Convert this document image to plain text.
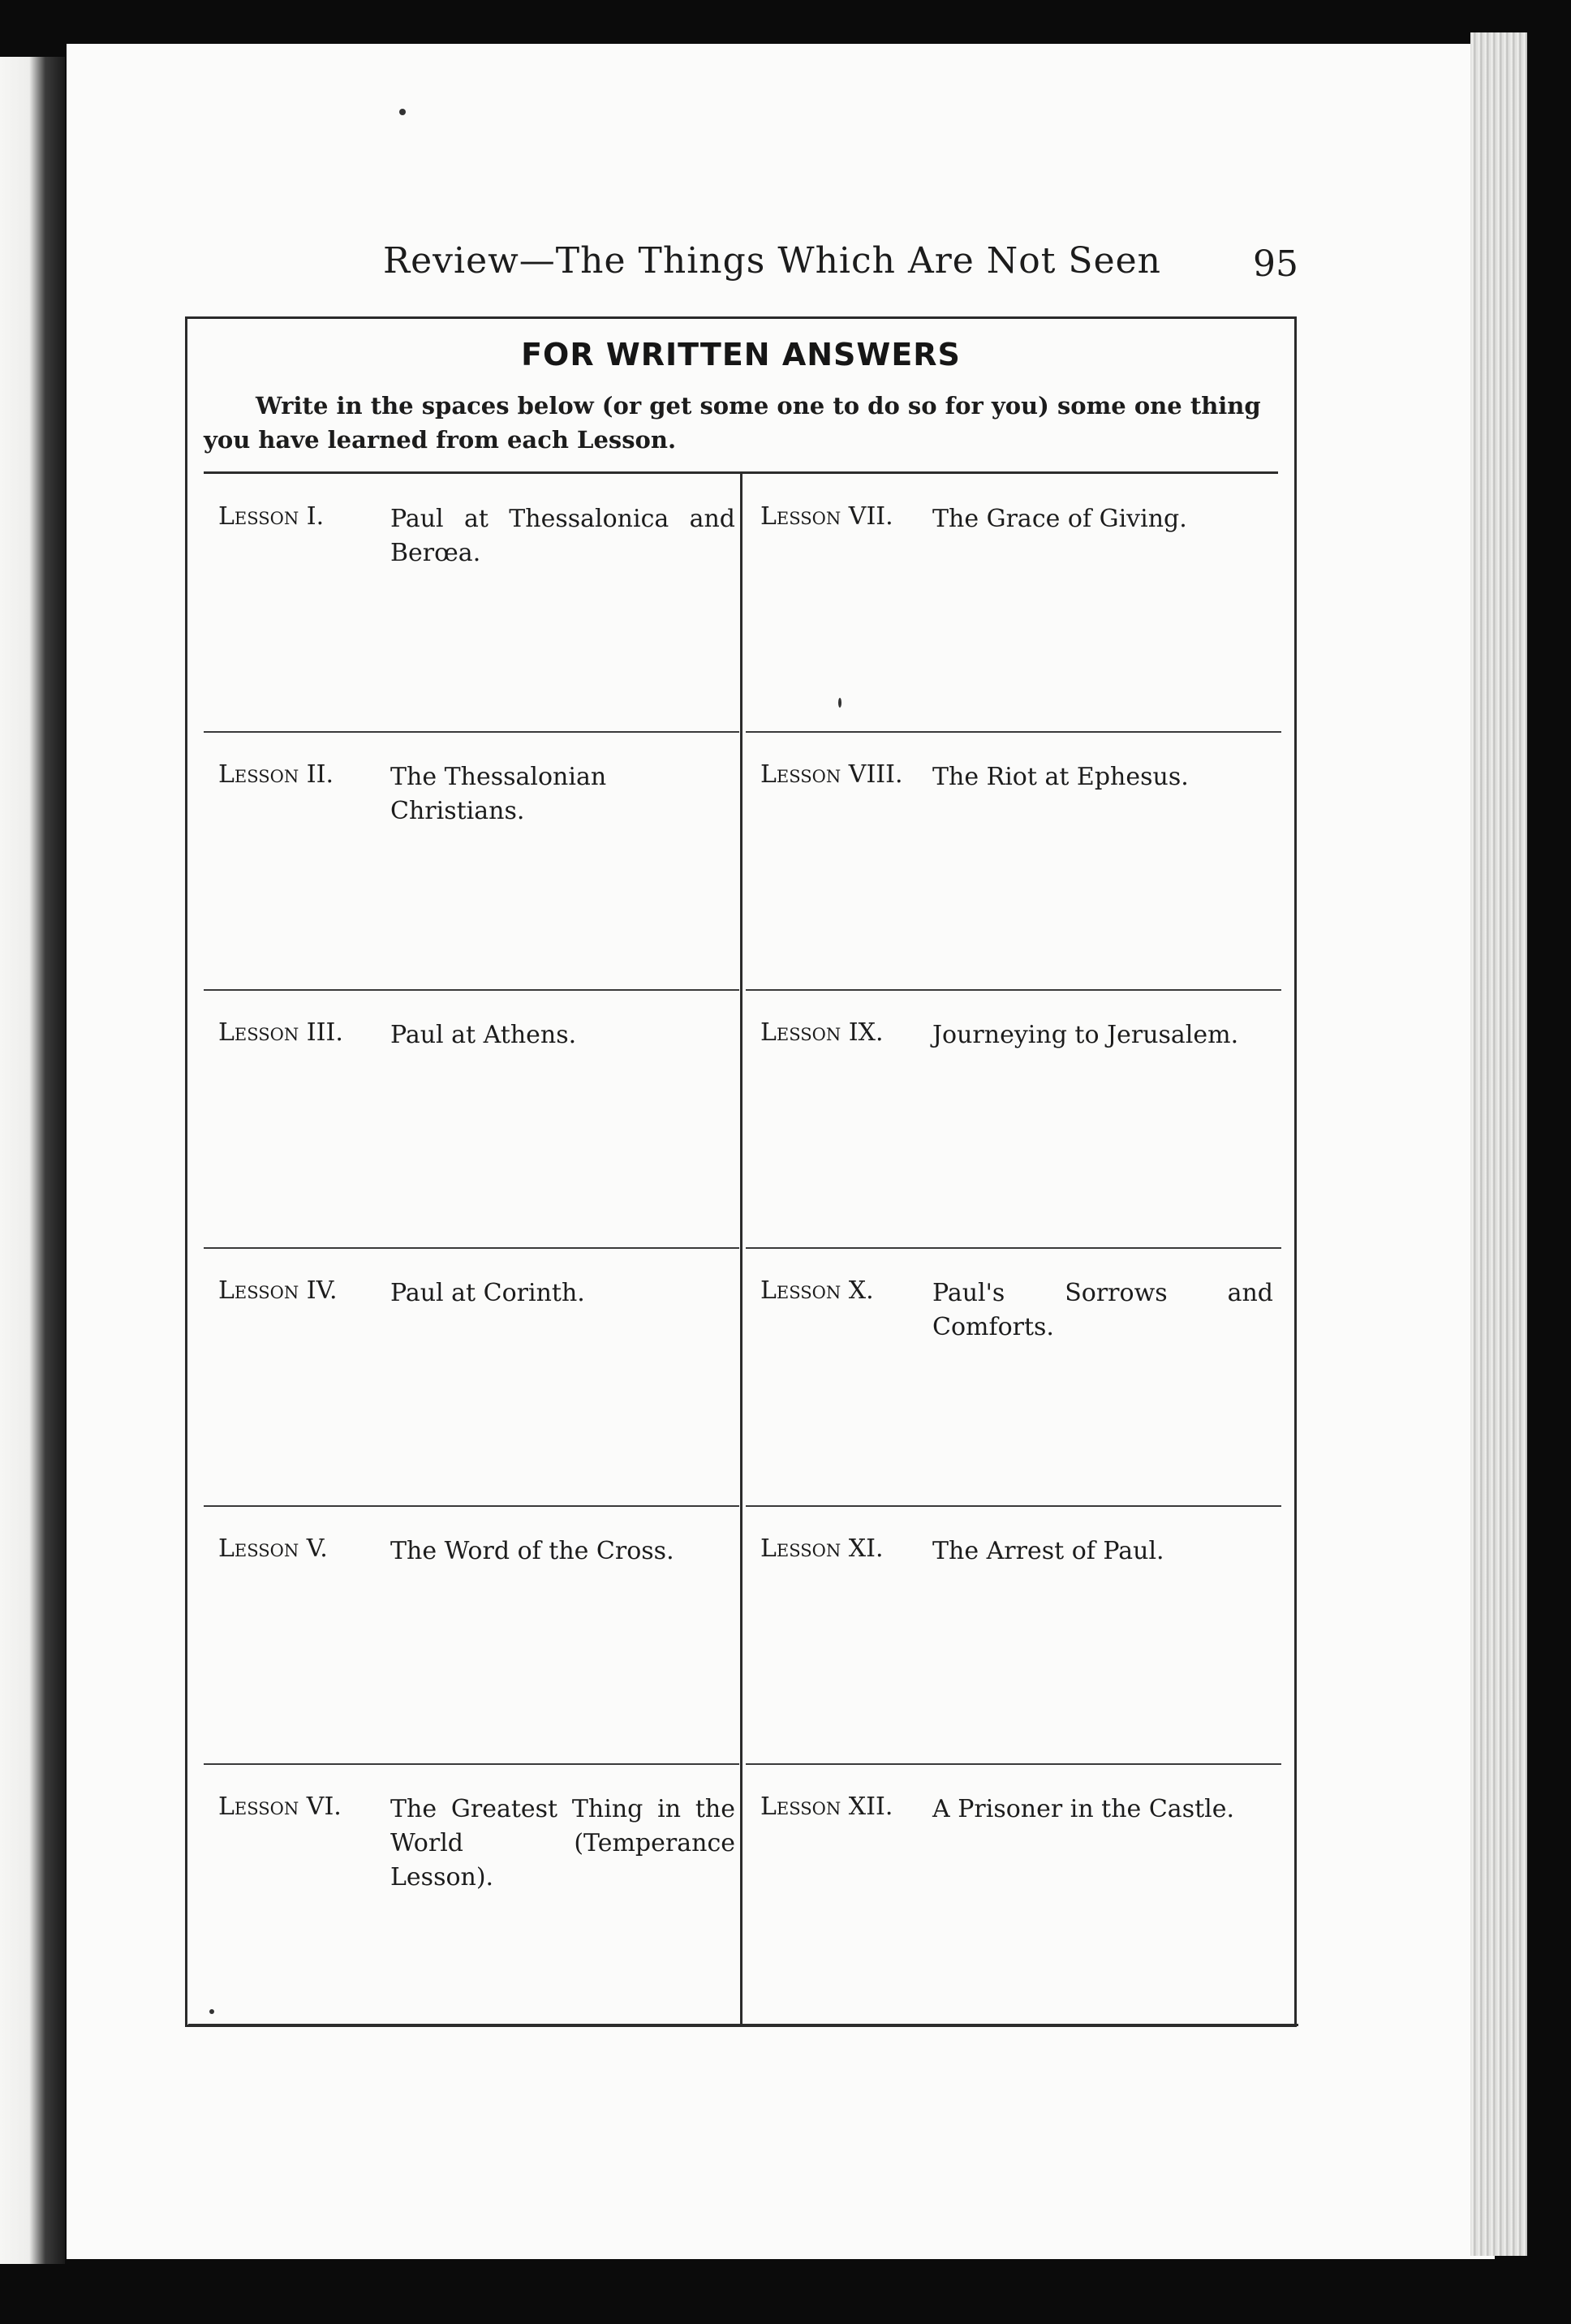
Review—The Things Which Are Not Seen	95
FOR WRITTEN ANSWERS
Write in the spaces below (or get some one to do so for you) some one thing you have learned from each Lesson.
Lesson I.	Paul at Thessalonica and Berœa.
Lesson II. The Thessalonian Christians.
Lesson III. Paul at Athens.
Lesson IV. Paul at Corinth.
Lesson V.	The Word of the Cross.
Lesson VI. The Greatest Thing in the World (Temperance Lesson).
Lesson VII. The Grace of Giving.
Lesson VIII. The Riot at Ephesus.
Lesson IX. Journeying to Jerusalem.
Lesson X. Paul's Sorrows and Comforts.
Lesson XI. The Arrest of Paul.
Lesson XII. A Prisoner in the Castle.
